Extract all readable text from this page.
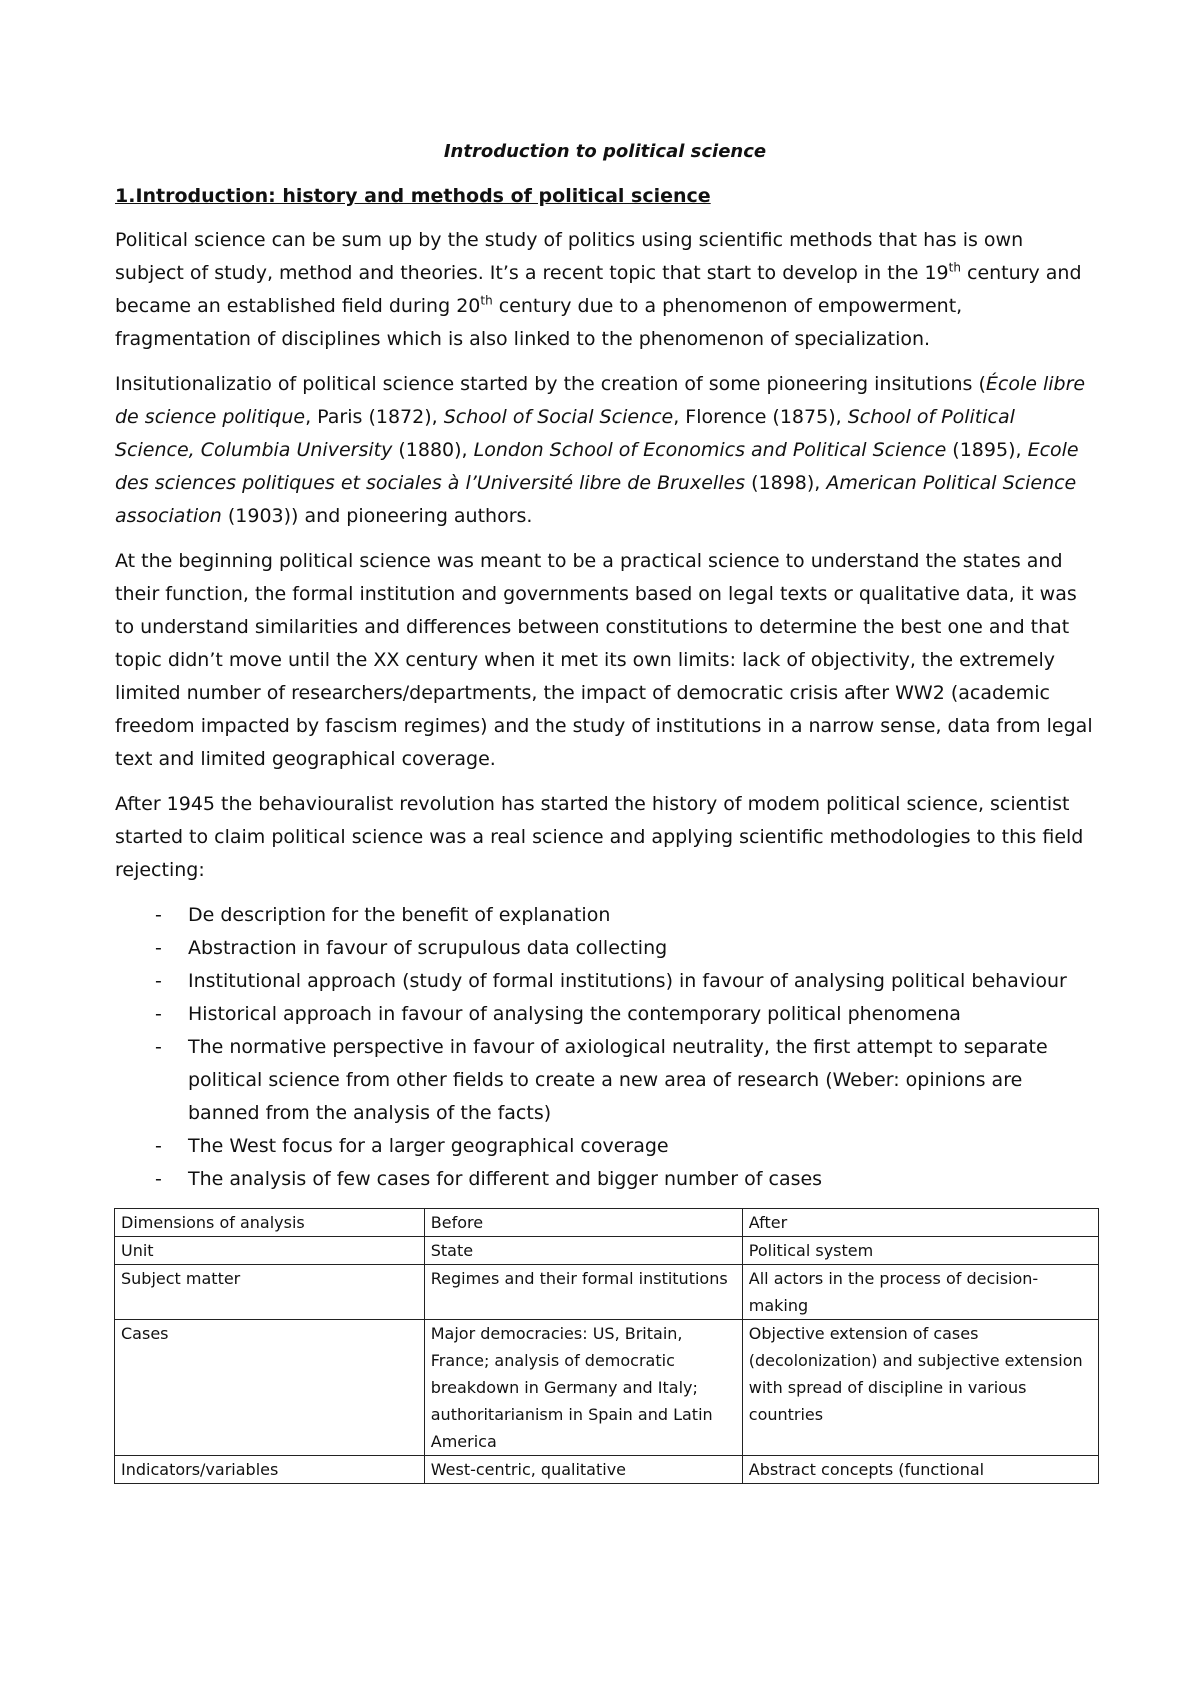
Introduction to political science
1.Introduction: history and methods of political science

Political science can be sum up by the study of politics using scientific methods that has is own subject of study, method and theories. It’s a recent topic that start to develop in the 19th century and became an established field during 20th century due to a phenomenon of empowerment, fragmentation of disciplines which is also linked to the phenomenon of specialization.

Insitutionalizatio of political science started by the creation of some pioneering insitutions (École libre de science politique, Paris (1872), School of Social Science, Florence (1875), School of Political Science, Columbia University (1880), London School of Economics and Political Science (1895), Ecole des sciences politiques et sociales à l’Université libre de Bruxelles (1898), American Political Science association (1903)) and pioneering authors.

At the beginning political science was meant to be a practical science to understand the states and their function, the formal institution and governments based on legal texts or qualitative data, it was to understand similarities and differences between constitutions to determine the best one and that topic didn’t move until the XX century when it met its own limits: lack of objectivity, the extremely limited number of researchers/departments, the impact of democratic crisis after WW2 (academic freedom impacted by fascism regimes) and the study of institutions in a narrow sense, data from legal text and limited geographical coverage.

After 1945 the behaviouralist revolution has started the history of modem political science, scientist started to claim political science was a real science and applying scientific methodologies to this field rejecting:

- De description for the benefit of explanation
- Abstraction in favour of scrupulous data collecting
- Institutional approach (study of formal institutions) in favour of analysing political behaviour
- Historical approach in favour of analysing the contemporary political phenomena
- The normative perspective in favour of axiological neutrality, the first attempt to separate political science from other fields to create a new area of research (Weber: opinions are banned from the analysis of the facts)
- The West focus for a larger geographical coverage
- The analysis of few cases for different and bigger number of cases
Dimensions of analysis	Before	After
Unit	State	Political system
Subject matter	Regimes and their formal institutions	All actors in the process of decision-making
Cases	Major democracies: US, Britain, France; analysis of democratic breakdown in Germany and Italy; authoritarianism in Spain and Latin America	Objective extension of cases (decolonization) and subjective extension with spread of discipline in various countries
Indicators/variables	West-centric, qualitative	Abstract concepts (functional
